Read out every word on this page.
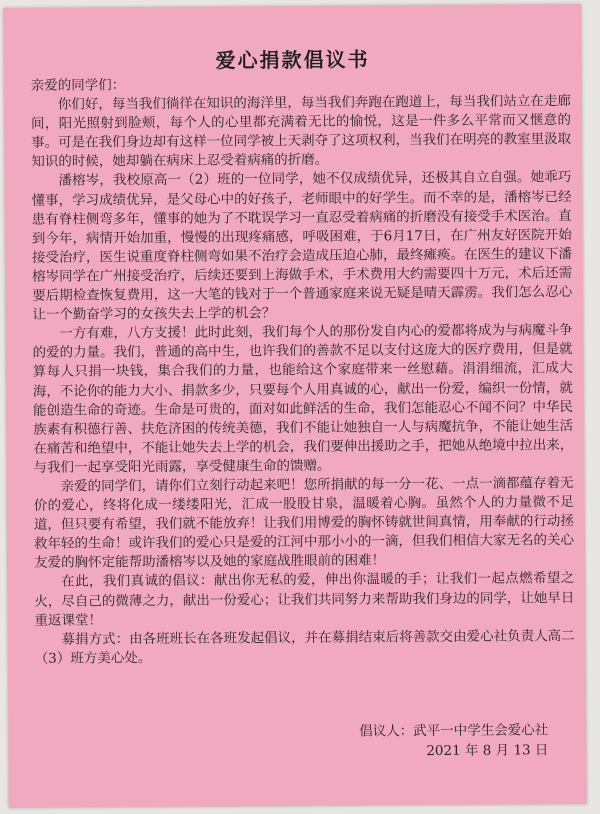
爱心捐款倡议书

亲爱的同学们：

你们好，每当我们徜徉在知识的海洋里，每当我们奔跑在跑道上，每当我们站立在走廊间，阳光照射到脸颊，每个人的心里都充满着无比的愉悦，这是一件多么平常而又惬意的事。可是在我们身边却有这样一位同学被上天剥夺了这项权利，当我们在明亮的教室里汲取知识的时候，她却躺在病床上忍受着病痛的折磨。

潘榕岑，我校原高一（2）班的一位同学，她不仅成绩优异，还极其自立自强。她乖巧懂事，学习成绩优异，是父母心中的好孩子，老师眼中的好学生。而不幸的是，潘榕岑已经患有脊柱侧弯多年，懂事的她为了不耽误学习一直忍受着病痛的折磨没有接受手术医治。直到今年，病情开始加重，慢慢的出现疼痛感，呼吸困难，于6月17日，在广州友好医院开始接受治疗，医生说重度脊柱侧弯如果不治疗会造成压迫心肺，最终瘫痪。在医生的建议下潘榕岑同学在广州接受治疗，后续还要到上海做手术，手术费用大约需要四十万元，术后还需要后期检查恢复费用，这一大笔的钱对于一个普通家庭来说无疑是晴天霹雳。我们怎么忍心让一个勤奋学习的女孩失去上学的机会？

一方有难，八方支援！此时此刻，我们每个人的那份发自内心的爱都将成为与病魔斗争的爱的力量。我们，普通的高中生，也许我们的善款不足以支付这庞大的医疗费用，但是就算每人只捐一块钱，集合我们的力量，也能给这个家庭带来一丝慰藉。涓涓细流，汇成大海，不论你的能力大小、捐款多少，只要每个人用真诚的心，献出一份爱，编织一份情，就能创造生命的奇迹。生命是可贵的，面对如此鲜活的生命，我们怎能忍心不闻不问？中华民族素有积德行善、扶危济困的传统美德，我们不能让她独自一人与病魔抗争，不能让她生活在痛苦和绝望中，不能让她失去上学的机会，我们要伸出援助之手，把她从绝境中拉出来，与我们一起享受阳光雨露，享受健康生命的馈赠。

亲爱的同学们，请你们立刻行动起来吧！您所捐献的每一分一花、一点一滴都蕴存着无价的爱心，终将化成一缕缕阳光，汇成一股股甘泉，温暖着心胸。虽然个人的力量微不足道，但只要有希望，我们就不能放弃！让我们用博爱的胸怀铸就世间真情，用奉献的行动拯救年轻的生命！或许我们的爱心只是爱的江河中那小小的一滴，但我们相信大家无名的关心友爱的胸怀定能帮助潘榕岑以及她的家庭战胜眼前的困难！

在此，我们真诚的倡议：献出你无私的爱，伸出你温暖的手；让我们一起点燃希望之火，尽自己的微薄之力，献出一份爱心；让我们共同努力来帮助我们身边的同学，让她早日重返课堂！

募捐方式：由各班班长在各班发起倡议，并在募捐结束后将善款交由爱心社负责人高二（3）班方美心处。

倡议人：武平一中学生会爱心社
2021 年 8 月 13 日
